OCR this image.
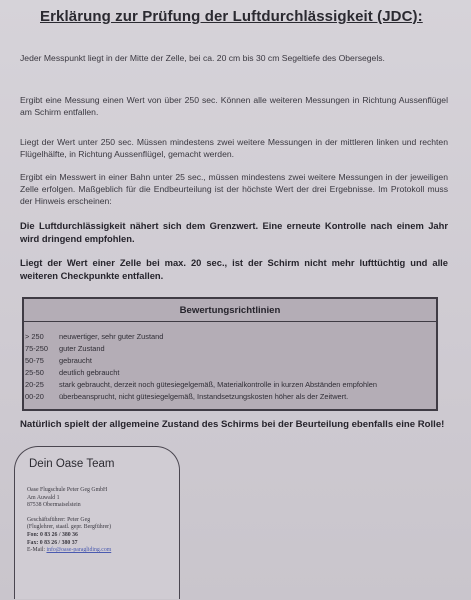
Erklärung zur Prüfung der Luftdurchlässigkeit (JDC):
Jeder Messpunkt liegt in der Mitte der Zelle, bei ca. 20 cm bis 30 cm Segeltiefe des Obersegels.
Ergibt eine Messung einen Wert von über 250 sec. Können alle weiteren Messungen in Richtung Aussenflügel am Schirm entfallen.
Liegt der Wert unter 250 sec. Müssen mindestens zwei weitere Messungen in der mittleren linken und rechten Flügelhälfte, in Richtung Aussenflügel, gemacht werden.
Ergibt ein Messwert in einer Bahn unter 25 sec., müssen mindestens zwei weitere Messungen in der jeweiligen Zelle erfolgen. Maßgeblich für die Endbeurteilung ist der höchste Wert der drei Ergebnisse. Im Protokoll muss der Hinweis erscheinen:
Die Luftdurchlässigkeit nähert sich dem Grenzwert. Eine erneute Kontrolle nach einem Jahr wird dringend empfohlen.
Liegt der Wert einer Zelle bei max. 20 sec., ist der Schirm nicht mehr lufttüchtig und alle weiteren Checkpunkte entfallen.
Bewertungsrichtlinien
> 250	neuwertiger, sehr guter Zustand
75-250	guter Zustand
50-75	gebraucht
25-50	deutlich gebraucht
20-25	stark gebraucht, derzeit noch gütesiegelgemäß, Materialkontrolle in kurzen Abständen empfohlen
00-20	überbeansprucht, nicht gütesiegelgemäß, Instandsetzungskosten höher als der Zeitwert.
Natürlich spielt der allgemeine Zustand des Schirms bei der Beurteilung ebenfalls eine Rolle!
Dein Oase Team
Oase Flugschule Peter Geg GmbH
Am Auwald 1
87538 Obermaiselstein
Geschäftsführer: Peter Geg
(Fluglehrer, staatl. gepr. Bergführer)
Fon: 0 83 26 / 380 36
Fax: 0 83 26 / 380 37
E-Mail: info@oase-paragliding.com
